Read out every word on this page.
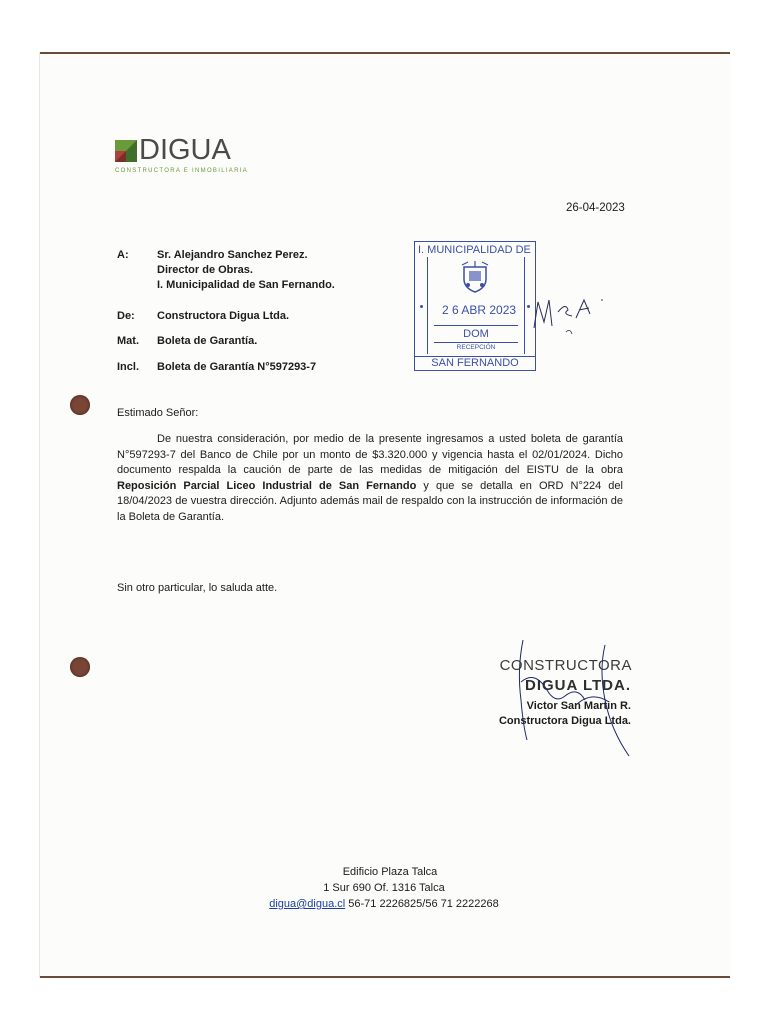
DIGUA
CONSTRUCTORA E INMOBILIARIA
26-04-2023
A:	Sr. Alejandro Sanchez Perez.
Director de Obras.
I. Municipalidad de San Fernando.
De: Constructora Digua Ltda.
Mat. Boleta de Garantía.
Incl. Boleta de Garantía N°597293-7
I. MUNICIPALIDAD DE
2 6 ABR 2023
DOM
RECEPCIÓN
SAN FERNANDO
Estimado Señor:
De nuestra consideración, por medio de la presente ingresamos a usted boleta de garantía N°597293-7 del Banco de Chile por un monto de $3.320.000 y vigencia hasta el 02/01/2024. Dicho documento respalda la caución de parte de las medidas de mitigación del EISTU de la obra Reposición Parcial Liceo Industrial de San Fernando y que se detalla en ORD N°224 del 18/04/2023 de vuestra dirección. Adjunto además mail de respaldo con la instrucción de información de la Boleta de Garantía.
Sin otro particular, lo saluda atte.
CONSTRUCTORA
DIGUA LTDA.
Victor San Martin R.
Constructora Digua Ltda.
Edificio Plaza Talca
1 Sur 690 Of. 1316 Talca
digua@digua.cl 56-71 2226825/56 71 2222268
